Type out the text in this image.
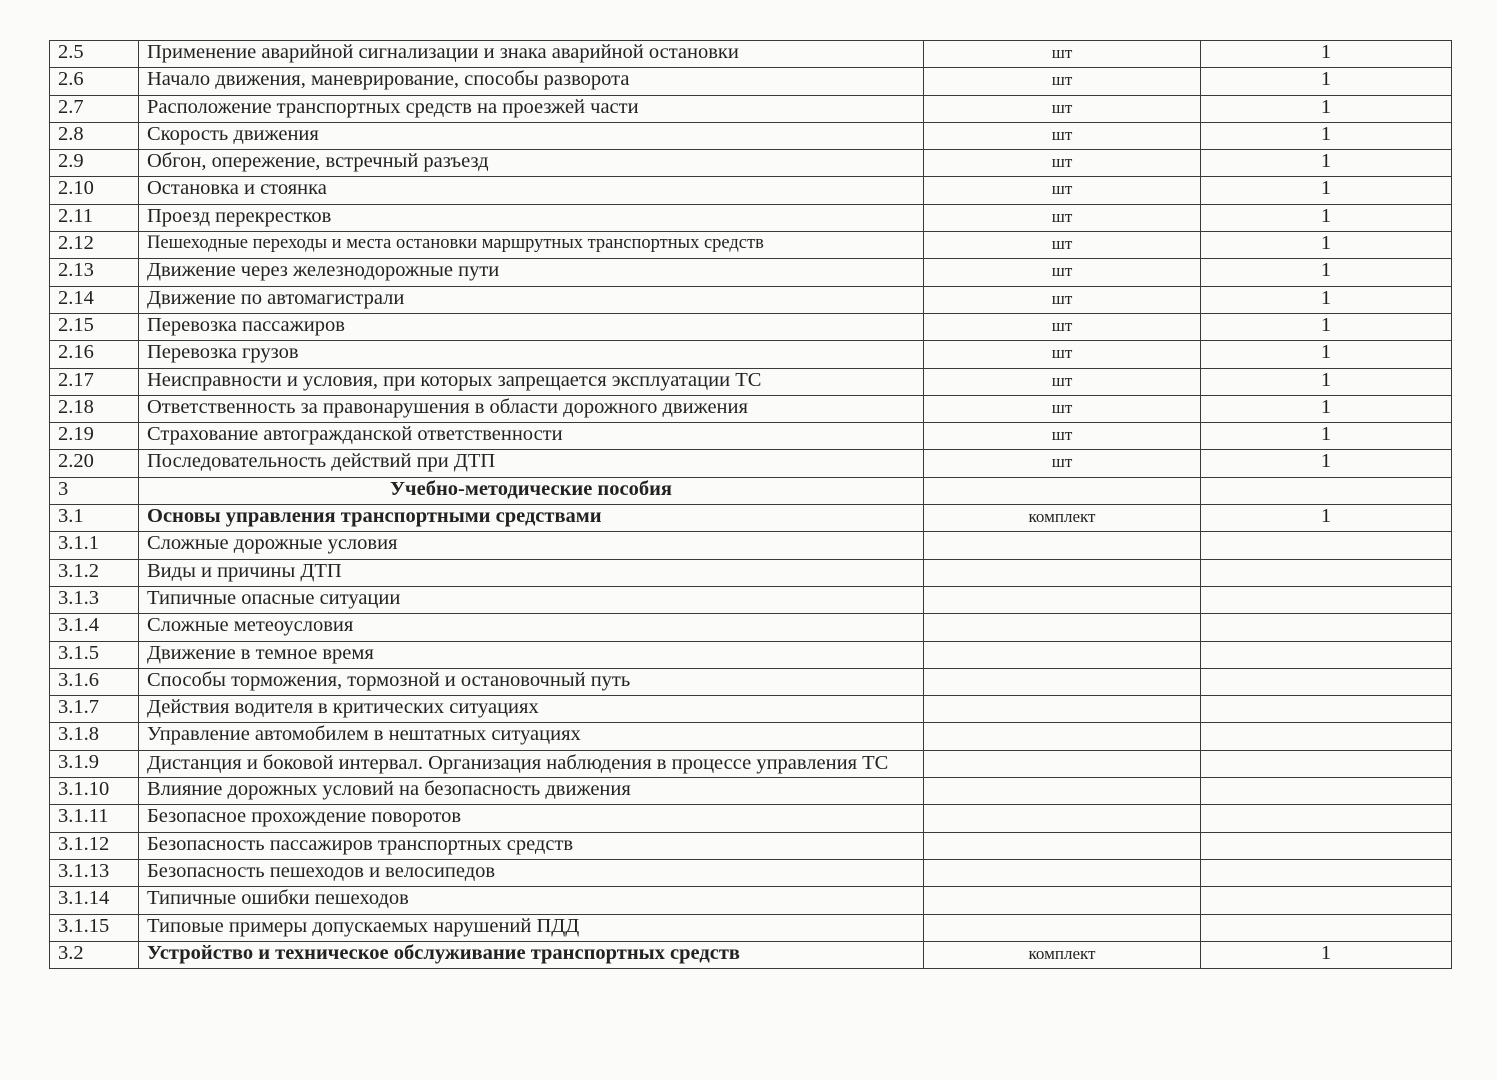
2.5	Применение аварийной сигнализации и знака аварийной остановки	шт	1
2.6	Начало движения, маневрирование, способы разворота	шт	1
2.7	Расположение транспортных средств на проезжей части	шт	1
2.8	Скорость движения	шт	1
2.9	Обгон, опережение, встречный разъезд	шт	1
2.10	Остановка и стоянка	шт	1
2.11	Проезд перекрестков	шт	1
2.12	Пешеходные переходы и места остановки маршрутных транспортных средств	шт	1
2.13	Движение через железнодорожные пути	шт	1
2.14	Движение по автомагистрали	шт	1
2.15	Перевозка пассажиров	шт	1
2.16	Перевозка грузов	шт	1
2.17	Неисправности и условия, при которых запрещается эксплуатации ТС	шт	1
2.18	Ответственность за правонарушения в области дорожного движения	шт	1
2.19	Страхование автогражданской ответственности	шт	1
2.20	Последовательность действий при ДТП	шт	1
3	Учебно-методические пособия		
3.1	Основы управления транспортными средствами	комплект	1
3.1.1	Сложные дорожные условия		
3.1.2	Виды и причины ДТП		
3.1.3	Типичные опасные ситуации		
3.1.4	Сложные метеоусловия		
3.1.5	Движение в темное время		
3.1.6	Способы торможения, тормозной и остановочный путь		
3.1.7	Действия водителя в критических ситуациях		
3.1.8	Управление автомобилем в нештатных ситуациях		
3.1.9	Дистанция и боковой интервал. Организация наблюдения в процессе управления ТС		
3.1.10	Влияние дорожных условий на безопасность движения		
3.1.11	Безопасное прохождение поворотов		
3.1.12	Безопасность пассажиров транспортных средств		
3.1.13	Безопасность пешеходов и велосипедов		
3.1.14	Типичные ошибки пешеходов		
3.1.15	Типовые примеры допускаемых нарушений ПДД		
3.2	Устройство и техническое обслуживание транспортных средств	комплект	1
